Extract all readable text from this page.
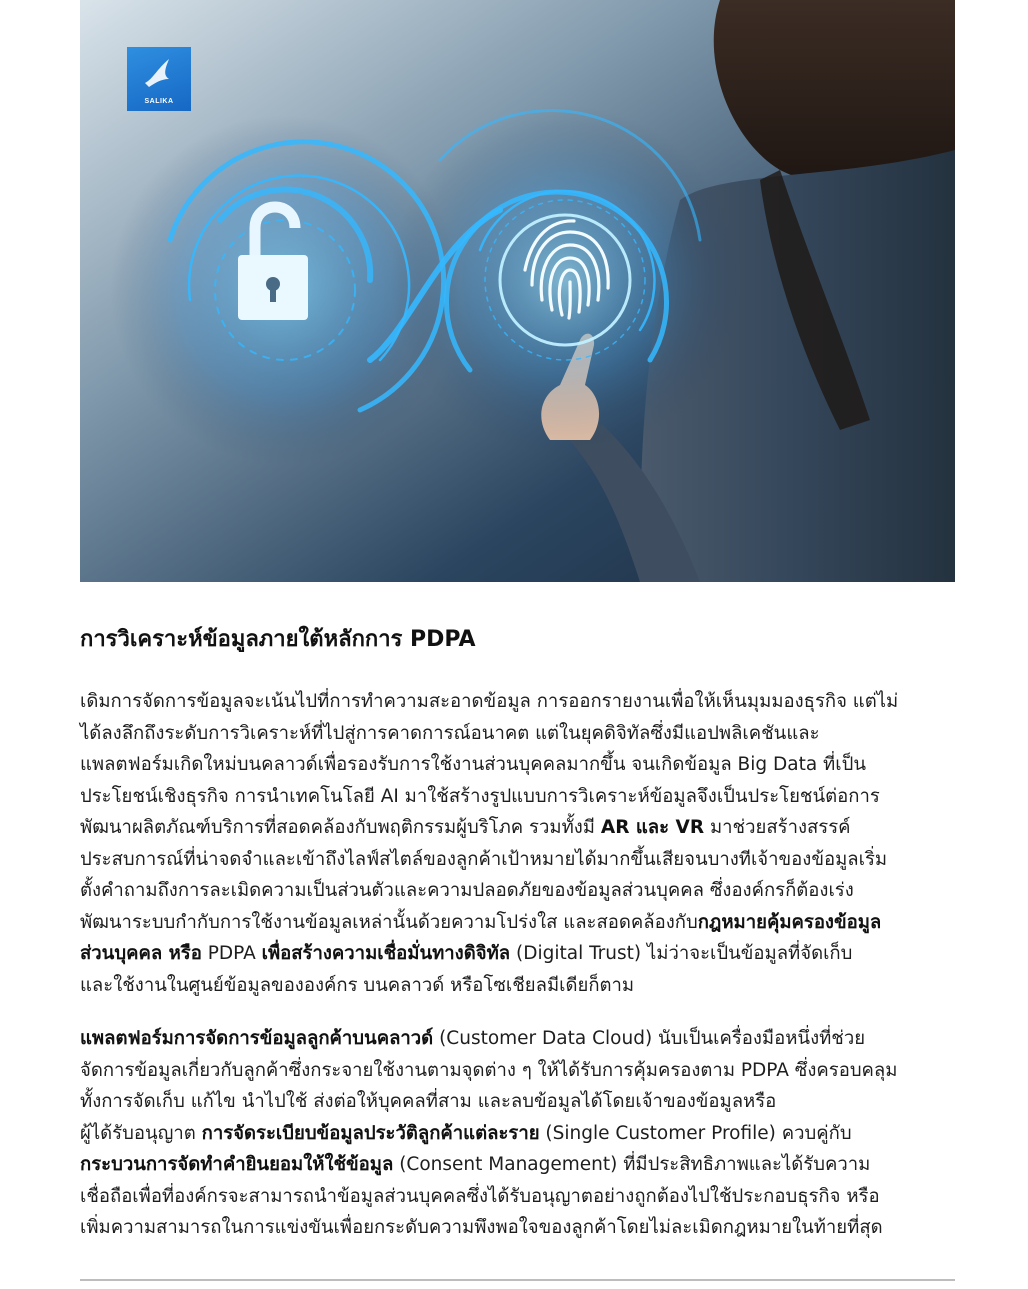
SALIKA
การวิเคราะห์ข้อมูลภายใต้หลักการ PDPA

เดิมการจัดการข้อมูลจะเน้นไปที่การทำความสะอาดข้อมูล การออกรายงานเพื่อให้เห็นมุมมองธุรกิจ แต่ไม่
ได้ลงลึกถึงระดับการวิเคราะห์ที่ไปสู่การคาดการณ์อนาคต แต่ในยุคดิจิทัลซึ่งมีแอปพลิเคชันและ
แพลตฟอร์มเกิดใหม่บนคลาวด์เพื่อรองรับการใช้งานส่วนบุคคลมากขึ้น จนเกิดข้อมูล Big Data ที่เป็น
ประโยชน์เชิงธุรกิจ การนำเทคโนโลยี AI มาใช้สร้างรูปแบบการวิเคราะห์ข้อมูลจึงเป็นประโยชน์ต่อการ
พัฒนาผลิตภัณฑ์บริการที่สอดคล้องกับพฤติกรรมผู้บริโภค รวมทั้งมี AR และ VR มาช่วยสร้างสรรค์
ประสบการณ์ที่น่าจดจำและเข้าถึงไลฟ์สไตล์ของลูกค้าเป้าหมายได้มากขึ้นเสียจนบางทีเจ้าของข้อมูลเริ่ม
ตั้งคำถามถึงการละเมิดความเป็นส่วนตัวและความปลอดภัยของข้อมูลส่วนบุคคล ซึ่งองค์กรก็ต้องเร่ง
พัฒนาระบบกำกับการใช้งานข้อมูลเหล่านั้นด้วยความโปร่งใส และสอดคล้องกับกฎหมายคุ้มครองข้อมูล
ส่วนบุคคล หรือ PDPA เพื่อสร้างความเชื่อมั่นทางดิจิทัล (Digital Trust) ไม่ว่าจะเป็นข้อมูลที่จัดเก็บ
และใช้งานในศูนย์ข้อมูลขององค์กร บนคลาวด์ หรือโซเชียลมีเดียก็ตาม

แพลตฟอร์มการจัดการข้อมูลลูกค้าบนคลาวด์ (Customer Data Cloud) นับเป็นเครื่องมือหนึ่งที่ช่วย
จัดการข้อมูลเกี่ยวกับลูกค้าซึ่งกระจายใช้งานตามจุดต่าง ๆ ให้ได้รับการคุ้มครองตาม PDPA ซึ่งครอบคลุม
ทั้งการจัดเก็บ แก้ไข นำไปใช้ ส่งต่อให้บุคคลที่สาม และลบข้อมูลได้โดยเจ้าของข้อมูลหรือ
ผู้ได้รับอนุญาต การจัดระเบียบข้อมูลประวัติลูกค้าแต่ละราย (Single Customer Profile) ควบคู่กับ
กระบวนการจัดทำคำยินยอมให้ใช้ข้อมูล (Consent Management) ที่มีประสิทธิภาพและได้รับความ
เชื่อถือเพื่อที่องค์กรจะสามารถนำข้อมูลส่วนบุคคลซึ่งได้รับอนุญาตอย่างถูกต้องไปใช้ประกอบธุรกิจ หรือ
เพิ่มความสามารถในการแข่งขันเพื่อยกระดับความพึงพอใจของลูกค้าโดยไม่ละเมิดกฎหมายในท้ายที่สุด
